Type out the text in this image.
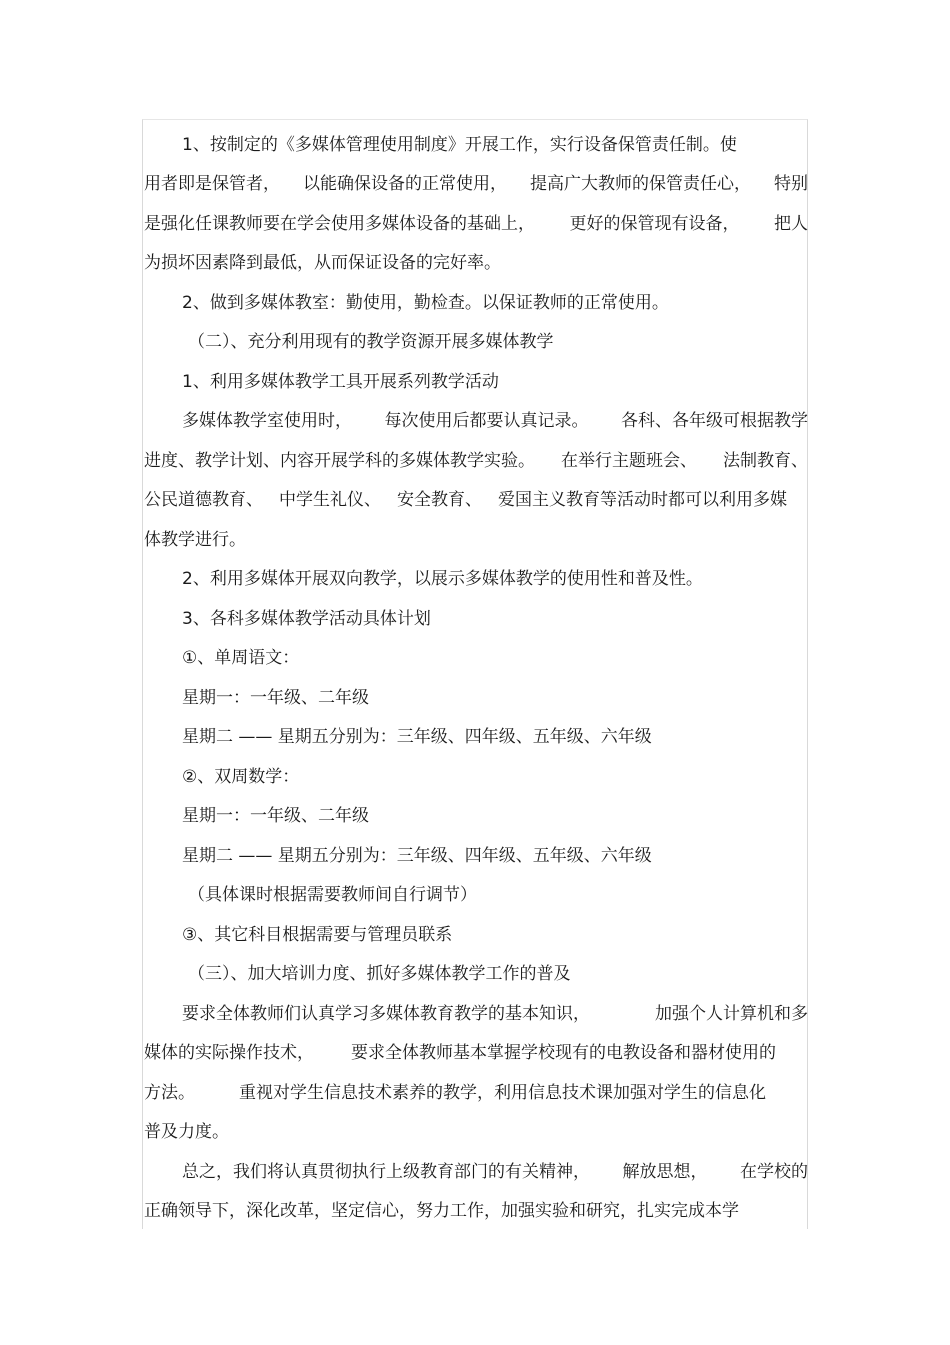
1、按制定的《多媒体管理使用制度》开展工作，实行设备保管责任制。使
用者即是保管者， 以能确保设备的正常使用， 提高广大教师的保管责任心， 特别
是强化任课教师要在学会使用多媒体设备的基础上， 更好的保管现有设备， 把人
为损坏因素降到最低，从而保证设备的完好率。
2、做到多媒体教室：勤使用，勤检查。以保证教师的正常使用。
（二）、充分利用现有的教学资源开展多媒体教学
1、利用多媒体教学工具开展系列教学活动
多媒体教学室使用时， 每次使用后都要认真记录。 各科、各年级可根据教学
进度、教学计划、内容开展学科的多媒体教学实验。 在举行主题班会、 法制教育、
公民道德教育、 中学生礼仪、 安全教育、 爱国主义教育等活动时都可以利用多媒
体教学进行。
2、利用多媒体开展双向教学，以展示多媒体教学的使用性和普及性。
3、各科多媒体教学活动具体计划
①、单周语文：
星期一：一年级、二年级
星期二 —— 星期五分别为：三年级、四年级、五年级、六年级
②、双周数学：
星期一：一年级、二年级
星期二 —— 星期五分别为：三年级、四年级、五年级、六年级
（具体课时根据需要教师间自行调节）
③、其它科目根据需要与管理员联系
（三）、加大培训力度、抓好多媒体教学工作的普及
要求全体教师们认真学习多媒体教育教学的基本知识，	加强个人计算机和多
媒体的实际操作技术， 要求全体教师基本掌握学校现有的电教设备和器材使用的
方法。	重视对学生信息技术素养的教学，利用信息技术课加强对学生的信息化
普及力度。
总之，我们将认真贯彻执行上级教育部门的有关精神， 解放思想， 在学校的
正确领导下，深化改革，坚定信心，努力工作，加强实验和研究，扎实完成本学
